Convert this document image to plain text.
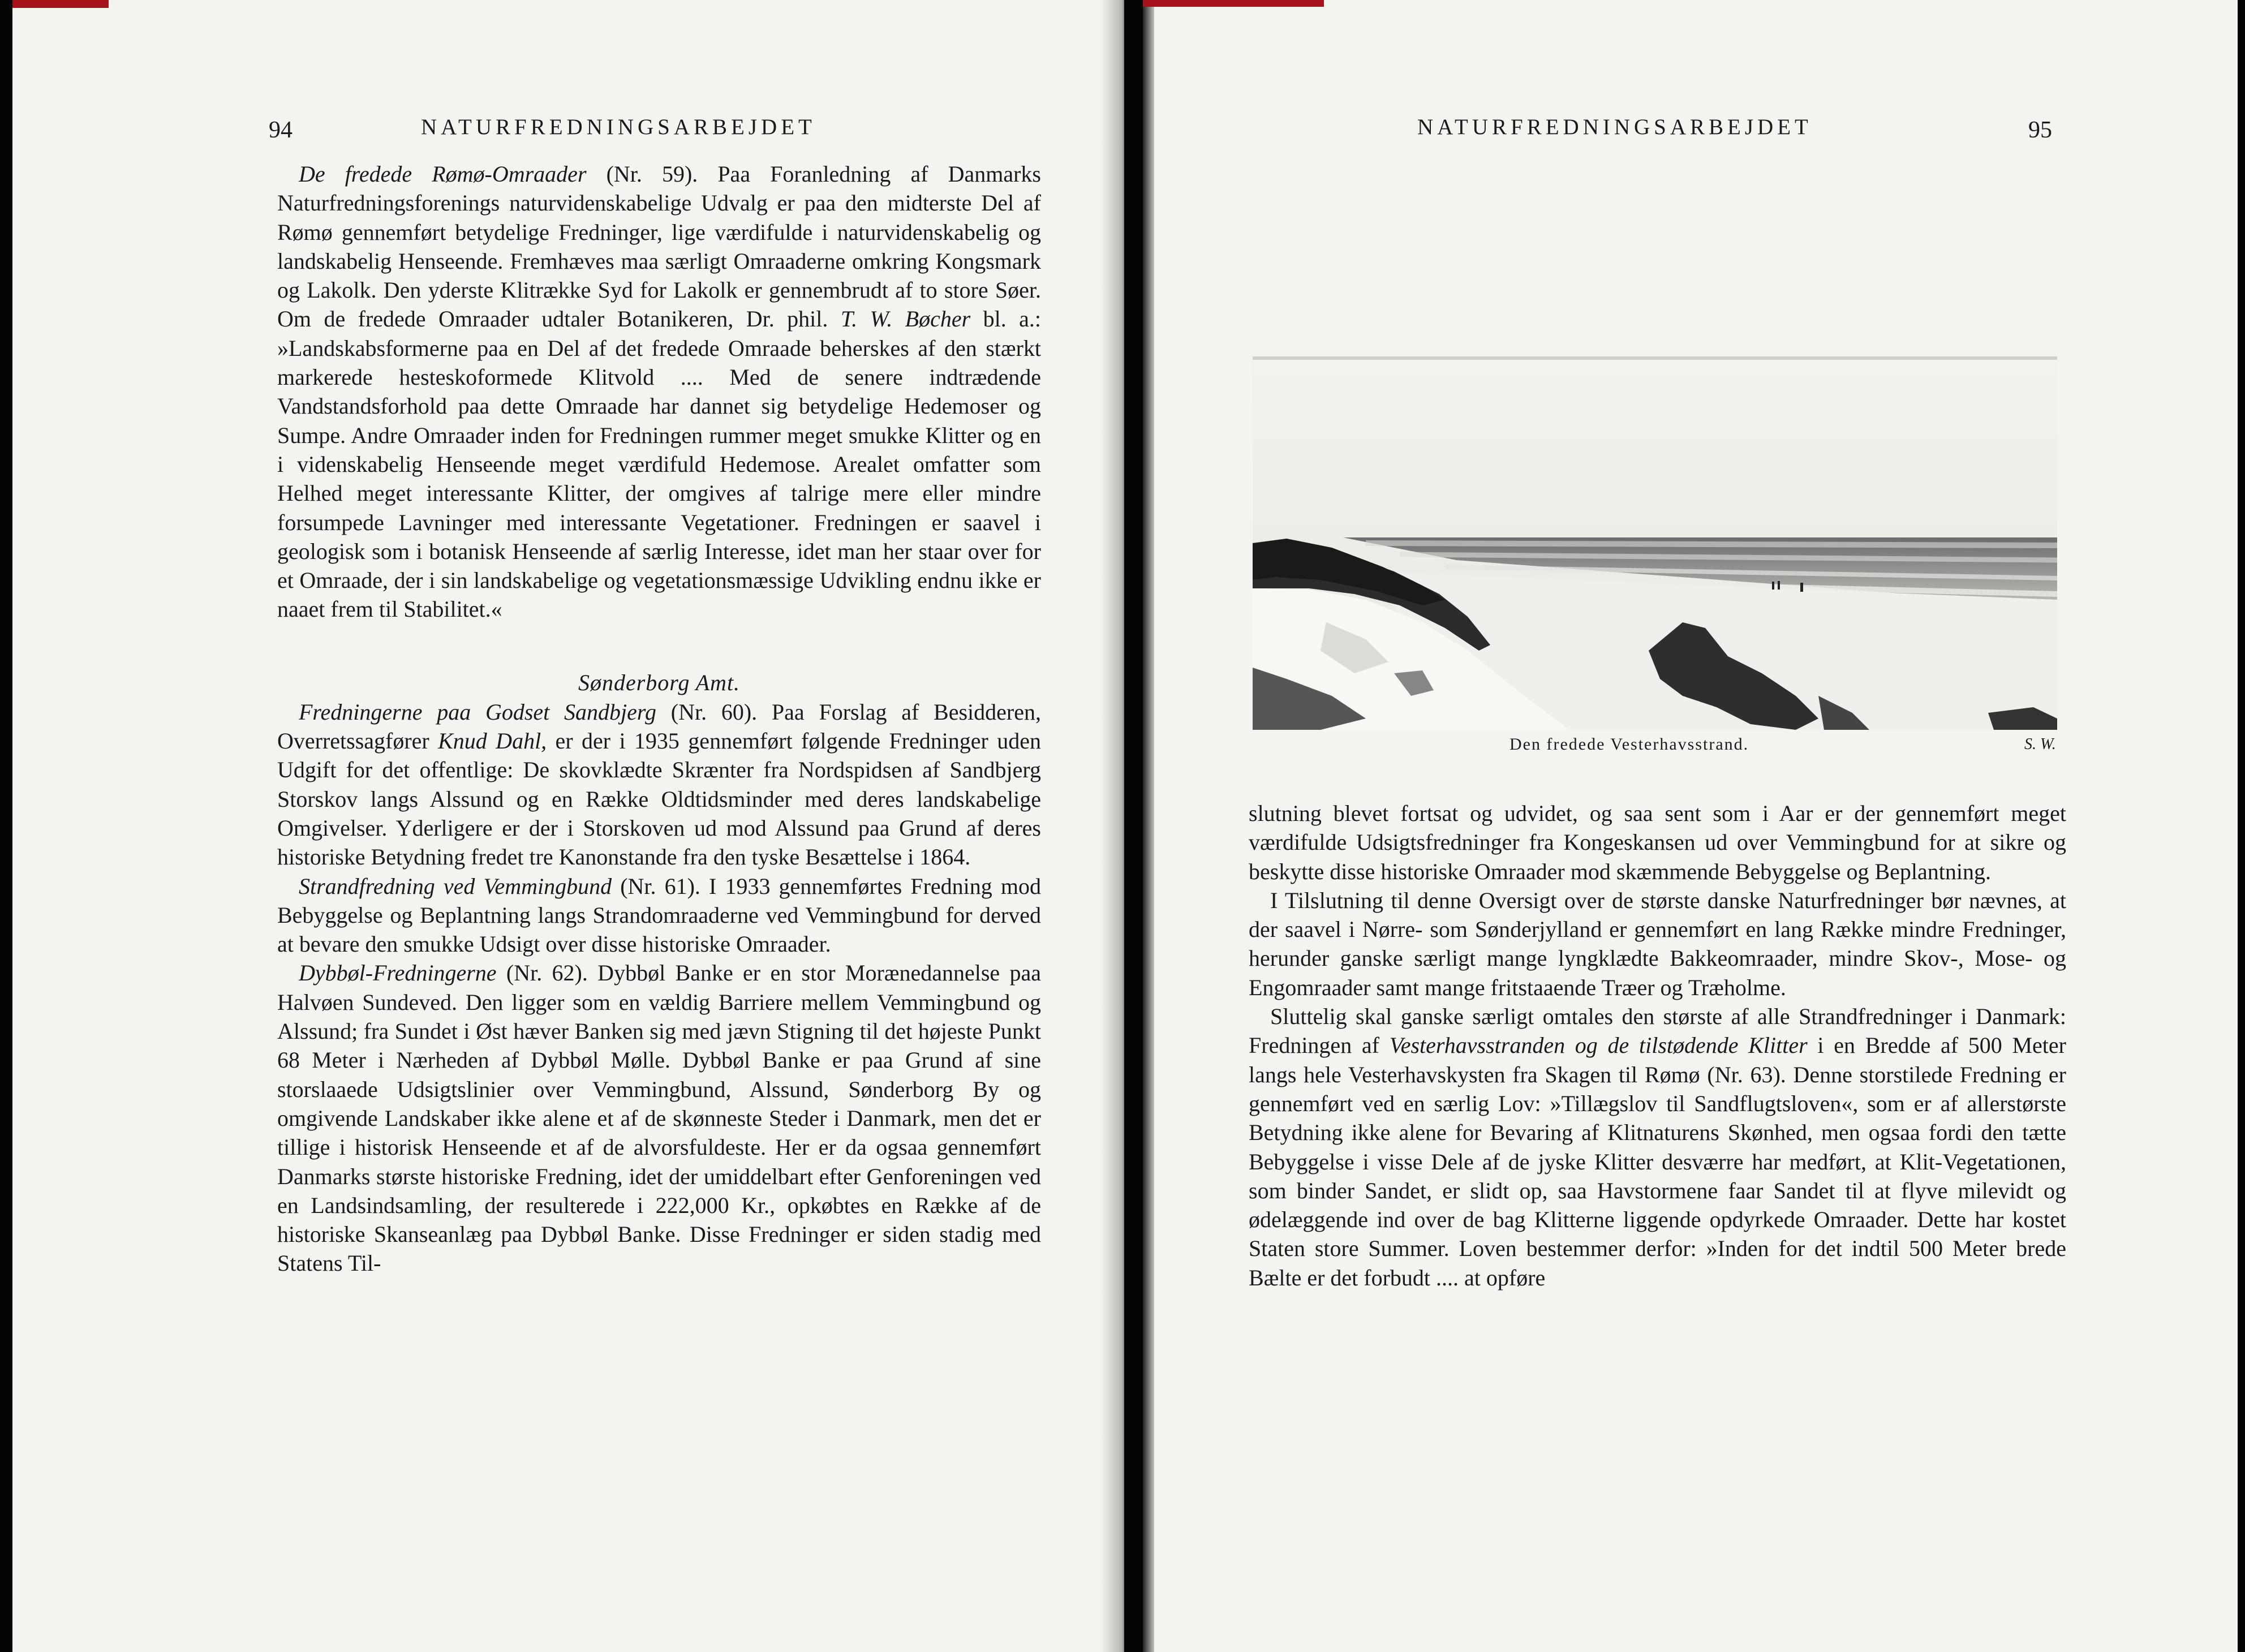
94	NATURFREDNINGSARBEJDET

De fredede Rømø-Omraader (Nr. 59). Paa Foranledning af Danmarks Naturfredningsforenings naturvidenskabelige Udvalg er paa den midterste Del af Rømø gennemført betydelige Fredninger, lige værdifulde i naturvidenskabelig og landskabelig Henseende. Fremhæves maa særligt Omraaderne omkring Kongsmark og Lakolk. Den yderste Klitrække Syd for Lakolk er gennembrudt af to store Søer. Om de fredede Omraader udtaler Botanikeren, Dr. phil. T. W. Bøcher bl. a.: »Landskabsformerne paa en Del af det fredede Omraade beherskes af den stærkt markerede hesteskoformede Klitvold .... Med de senere indtrædende Vandstandsforhold paa dette Omraade har dannet sig betydelige Hedemoser og Sumpe. Andre Omraader inden for Fredningen rummer meget smukke Klitter og en i videnskabelig Henseende meget værdifuld Hedemose. Arealet omfatter som Helhed meget interessante Klitter, der omgives af talrige mere eller mindre forsumpede Lavninger med interessante Vegetationer. Fredningen er saavel i geologisk som i botanisk Henseende af særlig Interesse, idet man her staar over for et Omraade, der i sin landskabelige og vegetationsmæssige Udvikling endnu ikke er naaet frem til Stabilitet.«

Sønderborg Amt.

Fredningerne paa Godset Sandbjerg (Nr. 60). Paa Forslag af Besidderen, Overretssagfører Knud Dahl, er der i 1935 gennemført følgende Fredninger uden Udgift for det offentlige: De skovklædte Skrænter fra Nordspidsen af Sandbjerg Storskov langs Alssund og en Række Oldtidsminder med deres landskabelige Omgivelser. Yderligere er der i Storskoven ud mod Alssund paa Grund af deres historiske Betydning fredet tre Kanonstande fra den tyske Besættelse i 1864.

Strandfredning ved Vemmingbund (Nr. 61). I 1933 gennemførtes Fredning mod Bebyggelse og Beplantning langs Strandomraaderne ved Vemmingbund for derved at bevare den smukke Udsigt over disse historiske Omraader.

Dybbøl-Fredningerne (Nr. 62). Dybbøl Banke er en stor Morænedannelse paa Halvøen Sundeved. Den ligger som en vældig Barriere mellem Vemmingbund og Alssund; fra Sundet i Øst hæver Banken sig med jævn Stigning til det højeste Punkt 68 Meter i Nærheden af Dybbøl Mølle. Dybbøl Banke er paa Grund af sine storslaaede Udsigtslinier over Vemmingbund, Alssund, Sønderborg By og omgivende Landskaber ikke alene et af de skønneste Steder i Danmark, men det er tillige i historisk Henseende et af de alvorsfuldeste. Her er da ogsaa gennemført Danmarks største historiske Fredning, idet der umiddelbart efter Genforeningen ved en Landsindsamling, der resulterede i 222,000 Kr., opkøbtes en Række af de historiske Skanseanlæg paa Dybbøl Banke. Disse Fredninger er siden stadig med Statens Til-

NATURFREDNINGSARBEJDET	95
Den fredede Vesterhavsstrand.	S. W.

slutning blevet fortsat og udvidet, og saa sent som i Aar er der gennemført meget værdifulde Udsigtsfredninger fra Kongeskansen ud over Vemmingbund for at sikre og beskytte disse historiske Omraader mod skæmmende Bebyggelse og Beplantning.

I Tilslutning til denne Oversigt over de største danske Naturfredninger bør nævnes, at der saavel i Nørre- som Sønderjylland er gennemført en lang Række mindre Fredninger, herunder ganske særligt mange lyngklædte Bakkeomraader, mindre Skov-, Mose- og Engomraader samt mange fritstaaende Træer og Træholme.

Sluttelig skal ganske særligt omtales den største af alle Strandfredninger i Danmark: Fredningen af Vesterhavsstranden og de tilstødende Klitter i en Bredde af 500 Meter langs hele Vesterhavskysten fra Skagen til Rømø (Nr. 63). Denne storstilede Fredning er gennemført ved en særlig Lov: »Tillægslov til Sandflugtsloven«, som er af allerstørste Betydning ikke alene for Bevaring af Klitnaturens Skønhed, men ogsaa fordi den tætte Bebyggelse i visse Dele af de jyske Klitter desværre har medført, at Klit-Vegetationen, som binder Sandet, er slidt op, saa Havstormene faar Sandet til at flyve milevidt og ødelæggende ind over de bag Klitterne liggende opdyrkede Omraader. Dette har kostet Staten store Summer. Loven bestemmer derfor: »Inden for det indtil 500 Meter brede Bælte er det forbudt .... at opføre
